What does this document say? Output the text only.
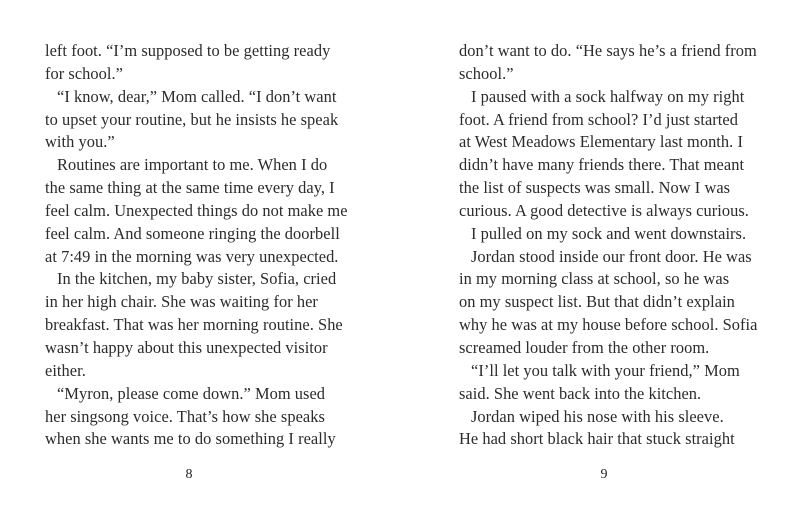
left foot. “I’m supposed to be getting ready
for school.”
“I know, dear,” Mom called. “I don’t want
to upset your routine, but he insists he speak
with you.”
Routines are important to me. When I do
the same thing at the same time every day, I
feel calm. Unexpected things do not make me
feel calm. And someone ringing the doorbell
at 7:49 in the morning was very unexpected.
In the kitchen, my baby sister, Sofia, cried
in her high chair. She was waiting for her
breakfast. That was her morning routine. She
wasn’t happy about this unexpected visitor
either.
“Myron, please come down.” Mom used
her singsong voice. That’s how she speaks
when she wants me to do something I really
8
don’t want to do. “He says he’s a friend from
school.”
I paused with a sock halfway on my right
foot. A friend from school? I’d just started
at West Meadows Elementary last month. I
didn’t have many friends there. That meant
the list of suspects was small. Now I was
curious. A good detective is always curious.
I pulled on my sock and went downstairs.
Jordan stood inside our front door. He was
in my morning class at school, so he was
on my suspect list. But that didn’t explain
why he was at my house before school. Sofia
screamed louder from the other room.
“I’ll let you talk with your friend,” Mom
said. She went back into the kitchen.
Jordan wiped his nose with his sleeve.
He had short black hair that stuck straight
9
